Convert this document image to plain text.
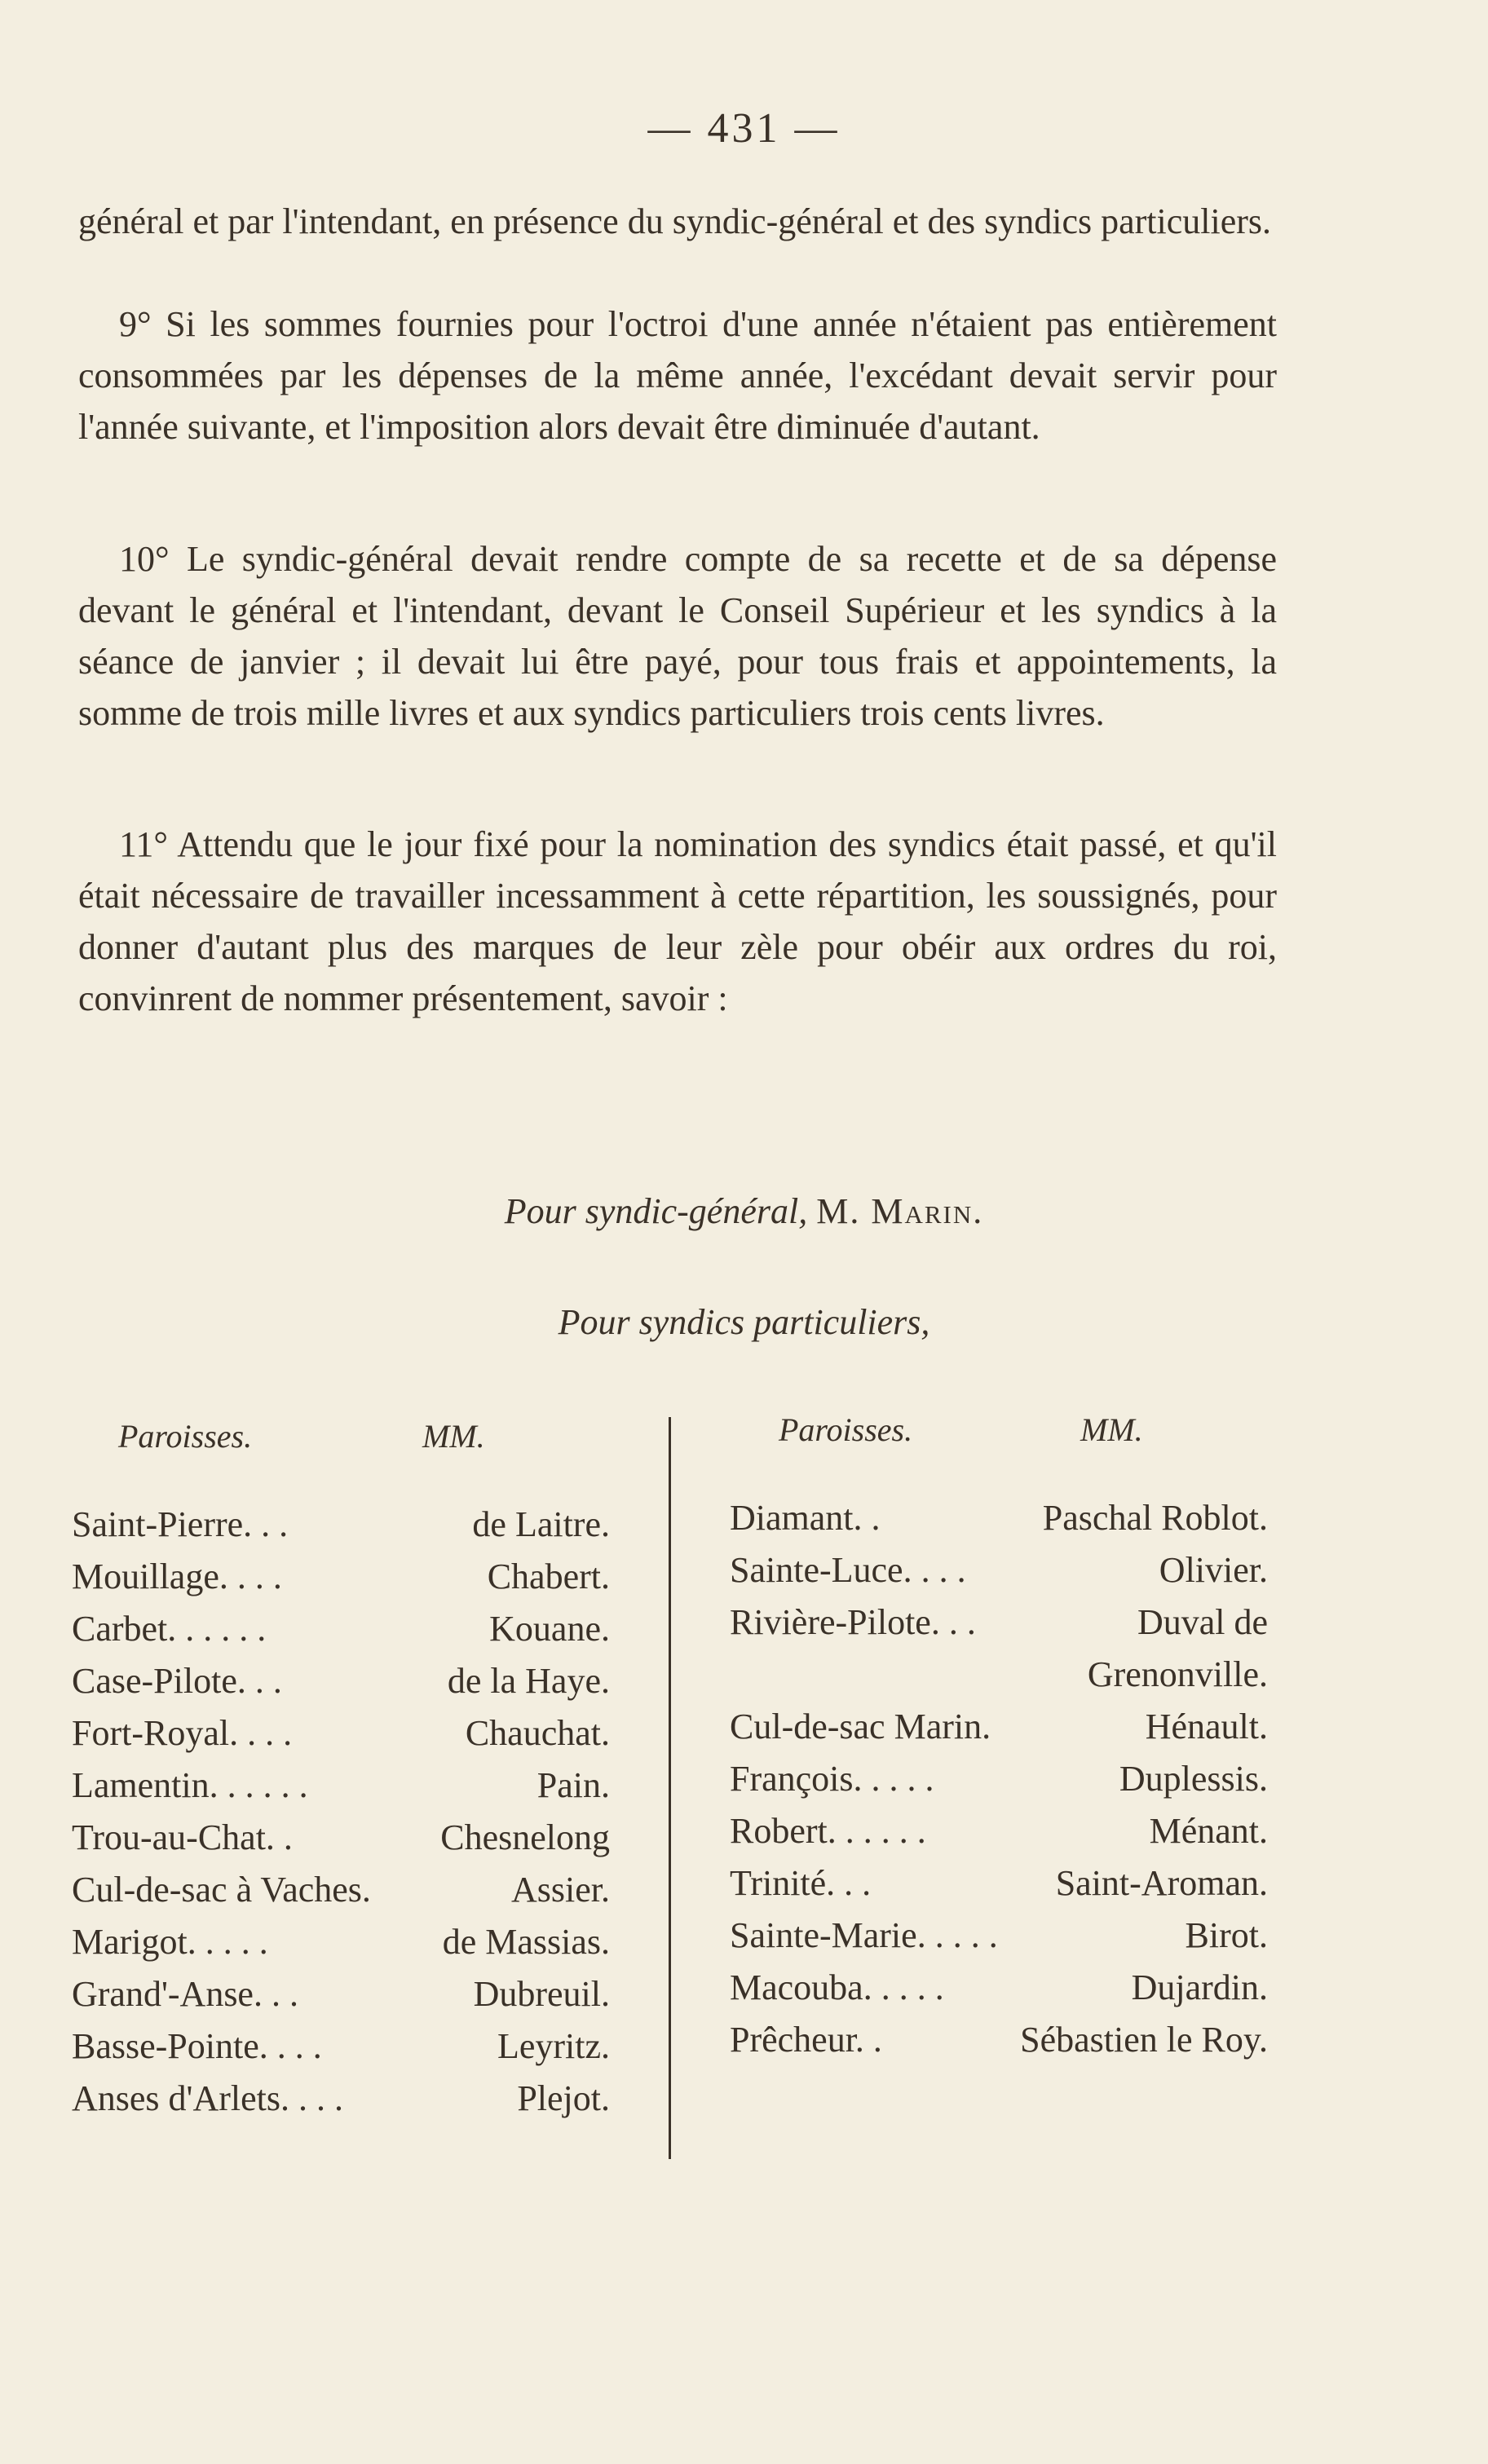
— 431 —

général et par l'intendant, en présence du syndic-général et des syndics particuliers.

9° Si les sommes fournies pour l'octroi d'une année n'étaient pas entièrement consommées par les dépenses de la même année, l'excédant devait servir pour l'année suivante, et l'imposition alors devait être diminuée d'autant.

10° Le syndic-général devait rendre compte de sa recette et de sa dépense devant le général et l'intendant, devant le Conseil Supérieur et les syndics à la séance de janvier ; il devait lui être payé, pour tous frais et appointements, la somme de trois mille livres et aux syndics particuliers trois cents livres.

11° Attendu que le jour fixé pour la nomination des syndics était passé, et qu'il était nécessaire de travailler incessamment à cette répartition, les soussignés, pour donner d'autant plus des marques de leur zèle pour obéir aux ordres du roi, convinrent de nommer présentement, savoir :

Pour syndic-général, M. Marin.
Pour syndics particuliers,
Paroisses.	MM.	Paroisses.	MM.
Saint-Pierre. . .	de Laitre.
Mouillage. . . .	Chabert.
Carbet. . . . . .	Kouane.
Case-Pilote. . .	de la Haye.
Fort-Royal. . . .	Chauchat.
Lamentin. . . . . .	Pain.
Trou-au-Chat. .	Chesnelong
Cul-de-sac à Vaches.	Assier.
Marigot. . . . .	de Massias.
Grand'-Anse. . .	Dubreuil.
Basse-Pointe. . . .	Leyritz.
Anses d'Arlets. . . .	Plejot.
Diamant. .	Paschal Roblot.
Sainte-Luce. . . .	Olivier.
Rivière-Pilote. . .	Duval de
Grenonville.
Cul-de-sac Marin.	Hénault.
François. . . . .	Duplessis.
Robert. . . . . .	Ménant.
Trinité. . .	Saint-Aroman.
Sainte-Marie. . . . .	Birot.
Macouba. . . . .	Dujardin.
Prêcheur. .	Sébastien le Roy.
